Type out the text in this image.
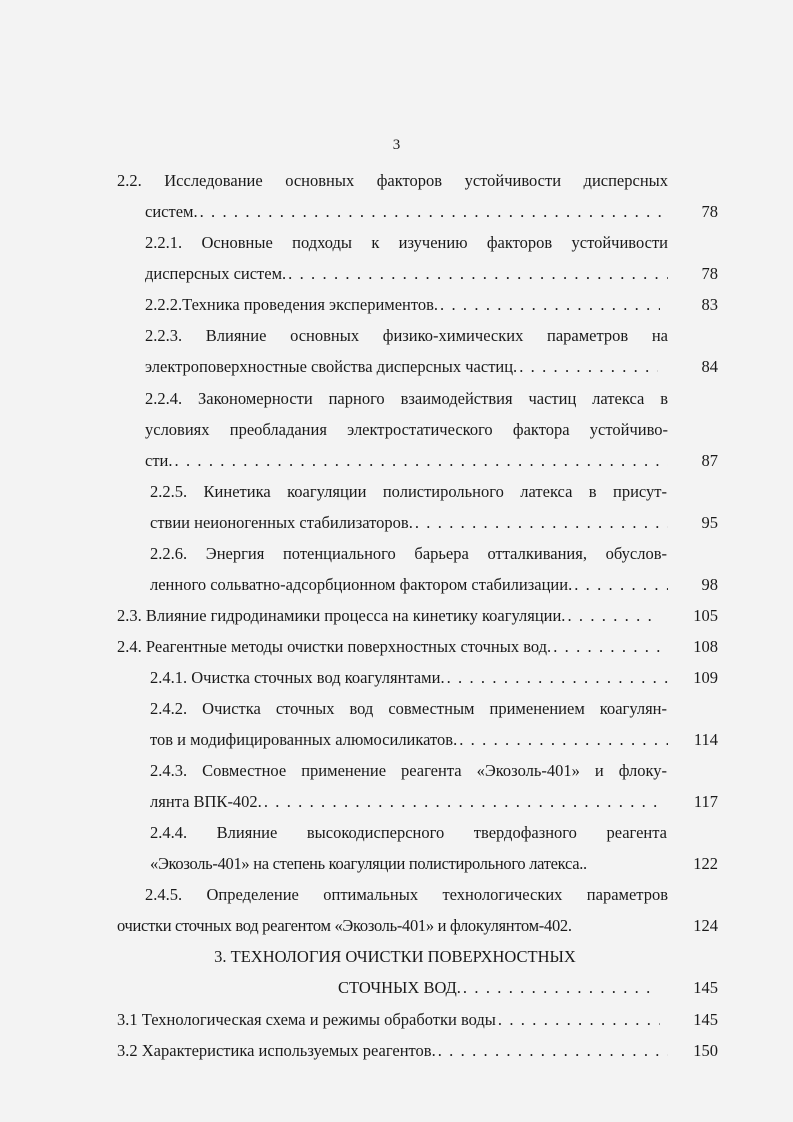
3
2.2. Исследование основных факторов устойчивости дисперсных
систем. . . .	78
2.2.1. Основные подходы к изучению факторов устойчивости
дисперсных систем. . . .	78
2.2.2.Техника проведения экспериментов. . . .	83
2.2.3. Влияние основных физико-химических параметров на
электроповерхностные свойства дисперсных частиц. . . .	84
2.2.4. Закономерности парного взаимодействия частиц латекса в
условиях преобладания электростатического фактора устойчиво-
сти. . . .	87
2.2.5. Кинетика коагуляции полистирольного латекса в присут-
ствии неионогенных стабилизаторов. . . .	95
2.2.6. Энергия потенциального барьера отталкивания, обуслов-
ленного сольватно-адсорбционном фактором стабилизации. . . .	98
2.3. Влияние гидродинамики процесса на кинетику коагуляции. . . .	105
2.4. Реагентные методы очистки поверхностных сточных вод. . . .	108
2.4.1. Очистка сточных вод коагулянтами. . . .	109
2.4.2. Очистка сточных вод совместным применением коагулян-
тов и модифицированных алюмосиликатов. . . .	114
2.4.3. Совместное применение реагента «Экозоль-401» и флоку-
лянта ВПК-402. . . .	117
2.4.4. Влияние высокодисперсного твердофазного реагента
«Экозоль-401» на степень коагуляции полистирольного латекса..	122
2.4.5. Определение оптимальных технологических параметров
очистки сточных вод реагентом «Экозоль-401» и флокулянтом-402.	124
3. ТЕХНОЛОГИЯ ОЧИСТКИ ПОВЕРХНОСТНЫХ
СТОЧНЫХ ВОД. . . .	145
3.1 Технологическая схема и режимы обработки воды . . .	145
3.2 Характеристика используемых реагентов. . . .	150
